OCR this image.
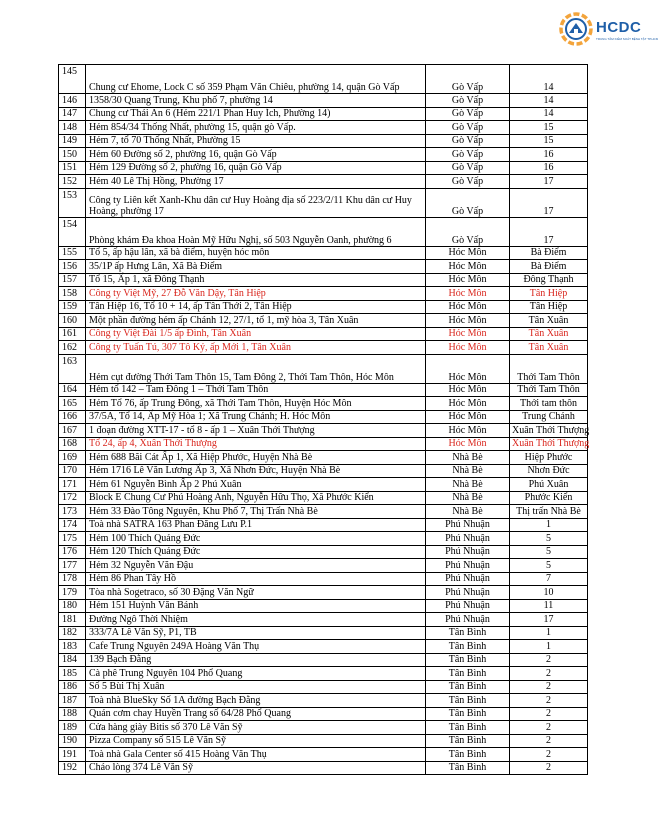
HCDC
TRUNG TÂM KIỂM SOÁT BỆNH TẬT TP.HCM
145	Chung cư Ehome, Lock C số 359 Phạm Văn Chiêu, phường 14, quận Gò Vấp	Gò Vấp	14
146	1358/30 Quang Trung, Khu phố 7, phường 14	Gò Vấp	14
147	Chung cư Thái An 6 (Hẻm 221/1 Phan Huy Ích, Phường 14)	Gò Vấp	14
148	Hẻm 854/34 Thống Nhất, phường 15, quận gò Vấp.	Gò Vấp	15
149	Hẻm 7, tổ 70 Thống Nhất, Phường 15	Gò Vấp	15
150	Hẻm 60 Đường số 2, phường 16, quận Gò Vấp	Gò Vấp	16
151	Hẻm 129 Đường số 2, phường 16, quận Gò Vấp	Gò Vấp	16
152	Hẻm 40 Lê Thị Hồng, Phường 17	Gò Vấp	17
153	Công ty Liên kết Xanh-Khu dân cư Huy Hoàng địa số 223/2/11 Khu dân cư Huy Hoàng, phường 17	Gò Vấp	17
154	Phòng khám Đa khoa Hoàn Mỹ Hữu Nghị, số 503 Nguyễn Oanh, phường 6	Gò Vấp	17
155	Tổ 5, ấp hậu lân, xã bà điểm, huyện hóc môn	Hóc Môn	Bà Điểm
156	35/1P ấp Hưng Lân, Xã Bà Điểm	Hóc Môn	Bà Điểm
157	Tổ 15, Ấp 1, xã Đông Thạnh	Hóc Môn	Đông Thạnh
158	Công ty Việt Mỹ, 27 Đỗ Văn Dậy, Tân Hiệp	Hóc Môn	Tân Hiệp
159	Tân Hiệp 16, Tổ 10 + 14, ấp Tân Thới 2, Tân Hiệp	Hóc Môn	Tân Hiệp
160	Một phần đường hẻm ấp Chánh 12, 27/1, tổ 1, mỹ hòa 3, Tân Xuân	Hóc Môn	Tân Xuân
161	Công ty Việt Đài 1/5 ấp Đình, Tân Xuân	Hóc Môn	Tân Xuân
162	Công ty Tuấn Tú, 307 Tô Ký, ấp Mới 1, Tân Xuân	Hóc Môn	Tân Xuân
163	Hẻm cụt đường Thới Tam Thôn 15, Tam Đông 2, Thới Tam Thôn, Hóc Môn	Hóc Môn	Thới Tam Thôn
164	Hẻm tổ 142 – Tam Đông 1 – Thới Tam Thôn	Hóc Môn	Thới Tam Thôn
165	Hẻm Tổ 76, ấp Trung Đông, xã Thới Tam Thôn, Huyện Hóc Môn	Hóc Môn	Thới tam thôn
166	37/5A, Tổ 14, Ấp Mỹ Hòa 1; Xã Trung Chánh; H. Hóc Môn	Hóc Môn	Trung Chánh
167	1 đoạn đường XTT-17 - tổ 8 - ấp 1 – Xuân Thới Thượng	Hóc Môn	Xuân Thới Thượng
168	Tổ 24, ấp 4, Xuân Thới Thượng	Hóc Môn	Xuân Thới Thượng
169	Hẻm 688 Bãi Cát Ấp 1, Xã Hiệp Phước, Huyện Nhà Bè	Nhà Bè	Hiệp Phước
170	Hẻm 1716 Lê Văn Lương Ấp 3, Xã Nhơn Đức, Huyện Nhà Bè	Nhà Bè	Nhơn Đức
171	Hẻm 61 Nguyễn Bình Ấp 2 Phú Xuân	Nhà Bè	Phú Xuân
172	Block E Chung Cư Phú Hoàng Anh, Nguyễn Hữu Thọ, Xã Phước Kiển	Nhà Bè	Phước Kiển
173	Hẻm 33 Đào Tông Nguyên, Khu Phố 7, Thị Trấn Nhà Bè	Nhà Bè	Thị trấn Nhà Bè
174	Toà nhà SATRA 163 Phan Đăng Lưu P.1	Phú Nhuận	1
175	Hẻm 100 Thích Quảng Đức	Phú Nhuận	5
176	Hẻm 120 Thích Quảng Đức	Phú Nhuận	5
177	Hẻm 32 Nguyễn Văn Đậu	Phú Nhuận	5
178	Hẻm 86 Phan Tây Hồ	Phú Nhuận	7
179	Tòa nhà Sogetraco, số 30 Đặng Văn Ngữ	Phú Nhuận	10
180	Hẻm 151 Huỳnh Văn Bánh	Phú Nhuận	11
181	Đường Ngô Thời Nhiệm	Phú Nhuận	17
182	333/7A Lê Văn Sỹ, P1, TB	Tân Bình	1
183	Cafe Trung Nguyên 249A Hoàng Văn Thụ	Tân Bình	1
184	139 Bạch Đằng	Tân Bình	2
185	Cà phê Trung Nguyên 104 Phổ Quang	Tân Bình	2
186	Số 5 Bùi Thị Xuân	Tân Bình	2
187	Toà nhà BlueSky Số 1A đường Bạch Đằng	Tân Bình	2
188	Quán cơm chay Huyền Trang số 64/28 Phổ Quang	Tân Bình	2
189	Cửa hàng giày Bitis số 370 Lê Văn Sỹ	Tân Bình	2
190	Pizza Company số 515 Lê Văn Sỹ	Tân Bình	2
191	Toà nhà Gala Center số 415 Hoàng Văn Thụ	Tân Bình	2
192	Cháo lòng 374 Lê Văn Sỹ	Tân Bình	2
